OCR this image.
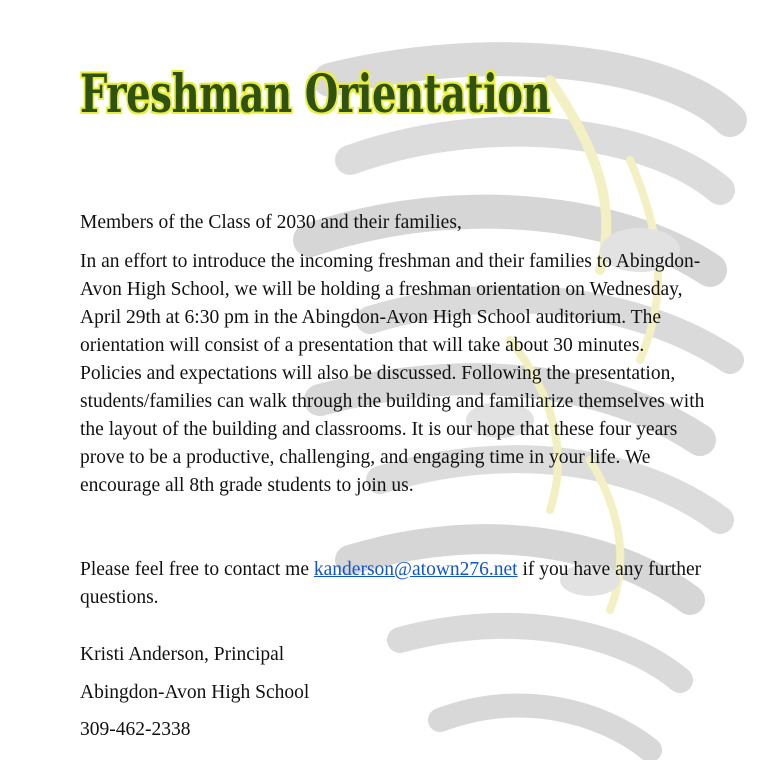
Freshman Orientation

Members of the Class of 2030 and their families,

In an effort to introduce the incoming freshman and their families to Abingdon-Avon High School, we will be holding a freshman orientation on Wednesday, April 29th at 6:30 pm in the Abingdon-Avon High School auditorium. The orientation will consist of a presentation that will take about 30 minutes. Policies and expectations will also be discussed. Following the presentation, students/families can walk through the building and familiarize themselves with the layout of the building and classrooms. It is our hope that these four years prove to be a productive, challenging, and engaging time in your life. We encourage all 8th grade students to join us.

Please feel free to contact me kanderson@atown276.net if you have any further questions.

Kristi Anderson, Principal

Abingdon-Avon High School

309-462-2338
